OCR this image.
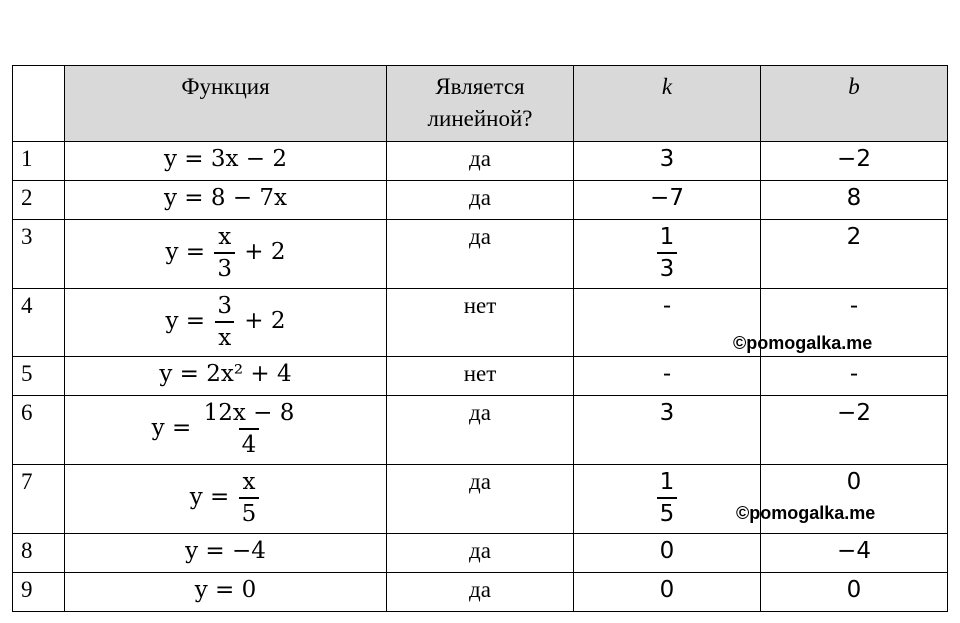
	Функция	Является линейной?	k	b
1	y = 3x − 2	да	3	−2
2	y = 8 − 7x	да	−7	8
3	$y = \frac{x}{3} + 2$	да	$\frac{1}{3}$	2
4	$y = \frac{3}{x} + 2$	нет	-	-
5	y = 2x² + 4	нет	-	-
6	$y = \frac{12x - 8}{4}$	да	3	−2
7	$y = \frac{x}{5}$	да	$\frac{1}{5}$	0
8	y = −4	да	0	−4
9	y = 0	да	0	0
©pomogalka.me
©pomogalka.me
